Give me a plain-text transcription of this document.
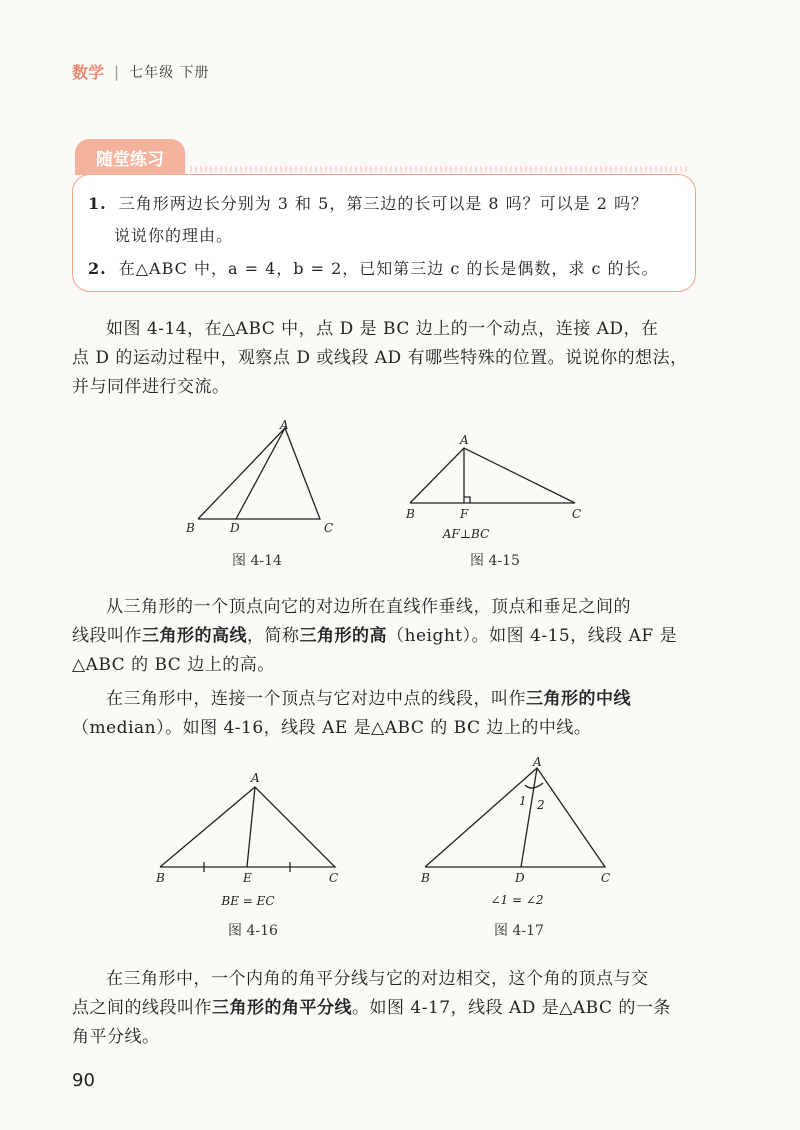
数学 | 七年级 下册
随堂练习
1. 三角形两边长分别为 3 和 5，第三边的长可以是 8 吗？可以是 2 吗？
说说你的理由。
2. 在△ABC 中，a = 4，b = 2，已知第三边 c 的长是偶数，求 c 的长。

如图 4-14，在△ABC 中，点 D 是 BC 边上的一个动点，连接 AD，在

点 D 的运动过程中，观察点 D 或线段 AD 有哪些特殊的位置。说说你的想法，

并与同伴进行交流。

A
B	C
D
图 4-14
A
B	C
F
AF⊥BC
图 4-15

从三角形的一个顶点向它的对边所在直线作垂线，顶点和垂足之间的

线段叫作三角形的高线，简称三角形的高（height）。如图 4-15，线段 AF 是

△ABC 的 BC 边上的高。

在三角形中，连接一个顶点与它对边中点的线段，叫作三角形的中线

（median）。如图 4-16，线段 AE 是△ABC 的 BC 边上的中线。

A
B	C
E
BE = EC
图 4-16
A
B	C
D
1 2
∠1 = ∠2
图 4-17

在三角形中，一个内角的角平分线与它的对边相交，这个角的顶点与交

点之间的线段叫作三角形的角平分线。如图 4-17，线段 AD 是△ABC 的一条

角平分线。

90
